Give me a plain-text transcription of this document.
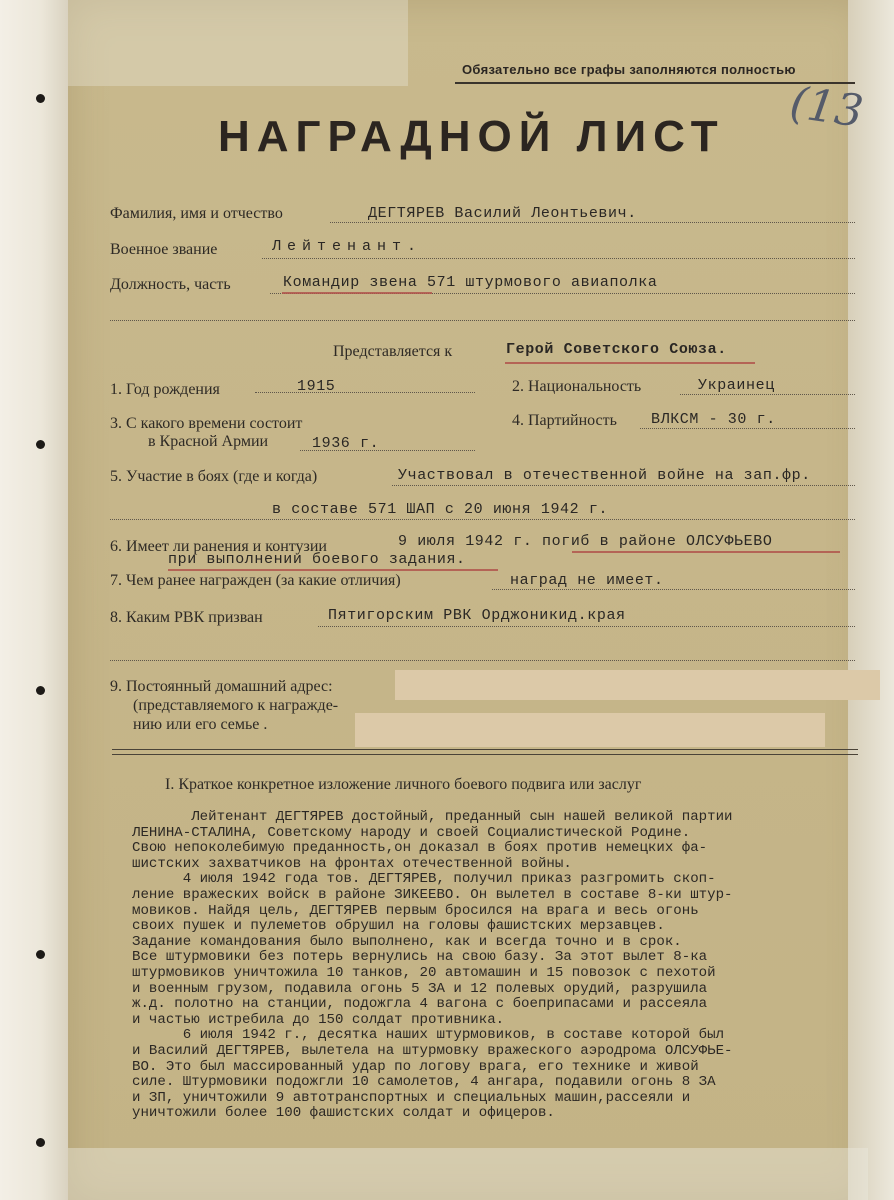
Обязательно все графы заполняются полностью
НАГРАДНОЙ ЛИСТ (13
Фамилия, имя и отчество	ДЕГТЯРЕВ Василий Леонтьевич.
Военное звание	Лейтенант.
Должность, часть	Командир звена 571 штурмового авиаполка
Представляется к	Герой Советского Союза.
1. Год рождения	1915	2. Национальность	Украинец
3. С какого времени состоит
в Красной Армии	1936 г.
4. Партийность ВЛКСМ - 30 г.
5. Участие в боях (где и когда)	Участвовал в отечественной войне на зап.фр.
в составе 571 ШАП с 20 июня 1942 г.
6. Имеет ли ранения и контузии	9 июля 1942 г. погиб в районе ОЛСУФЬЕВО
при выполнении боевого задания.
7. Чем ранее награжден (за какие отличия)	наград не имеет.
8. Каким РВК призван	Пятигорским РВК Орджоникид.края
9. Постоянный домашний адрес:
(представляемого к награжде-
нию или его семье .
I. Краткое конкретное изложение личного боевого подвига или заслуг
Лейтенант ДЕГТЯРЕВ достойный, преданный сын нашей великой партии
ЛЕНИНА-СТАЛИНА, Советскому народу и своей Социалистической Родине.
Свою непоколебимую преданность,он доказал в боях против немецких фа-
шистских захватчиков на фронтах отечественной войны.
4 июля 1942 года тов. ДЕГТЯРЕВ, получил приказ разгромить скоп-
ление вражеских войск в районе ЗИКЕЕВО. Он вылетел в составе 8-ки штур-
мовиков. Найдя цель, ДЕГТЯРЕВ первым бросился на врага и весь огонь
своих пушек и пулеметов обрушил на головы фашистских мерзавцев.
Задание командования было выполнено, как и всегда точно и в срок.
Все штурмовики без потерь вернулись на свою базу. За этот вылет 8-ка
штурмовиков уничтожила 10 танков, 20 автомашин и 15 повозок с пехотой
и военным грузом, подавила огонь 5 ЗА и 12 полевых орудий, разрушила
ж.д. полотно на станции, подожгла 4 вагона с боеприпасами и рассеяла
и частью истребила до 150 солдат противника.
6 июля 1942 г., десятка наших штурмовиков, в составе которой был
и Василий ДЕГТЯРЕВ, вылетела на штурмовку вражеского аэродрома ОЛСУФЬЕ-
ВО. Это был массированный удар по логову врага, его технике и живой
силе. Штурмовики подожгли 10 самолетов, 4 ангара, подавили огонь 8 ЗА
и ЗП, уничтожили 9 автотранспортных и специальных машин,рассеяли и
уничтожили более 100 фашистских солдат и офицеров.
